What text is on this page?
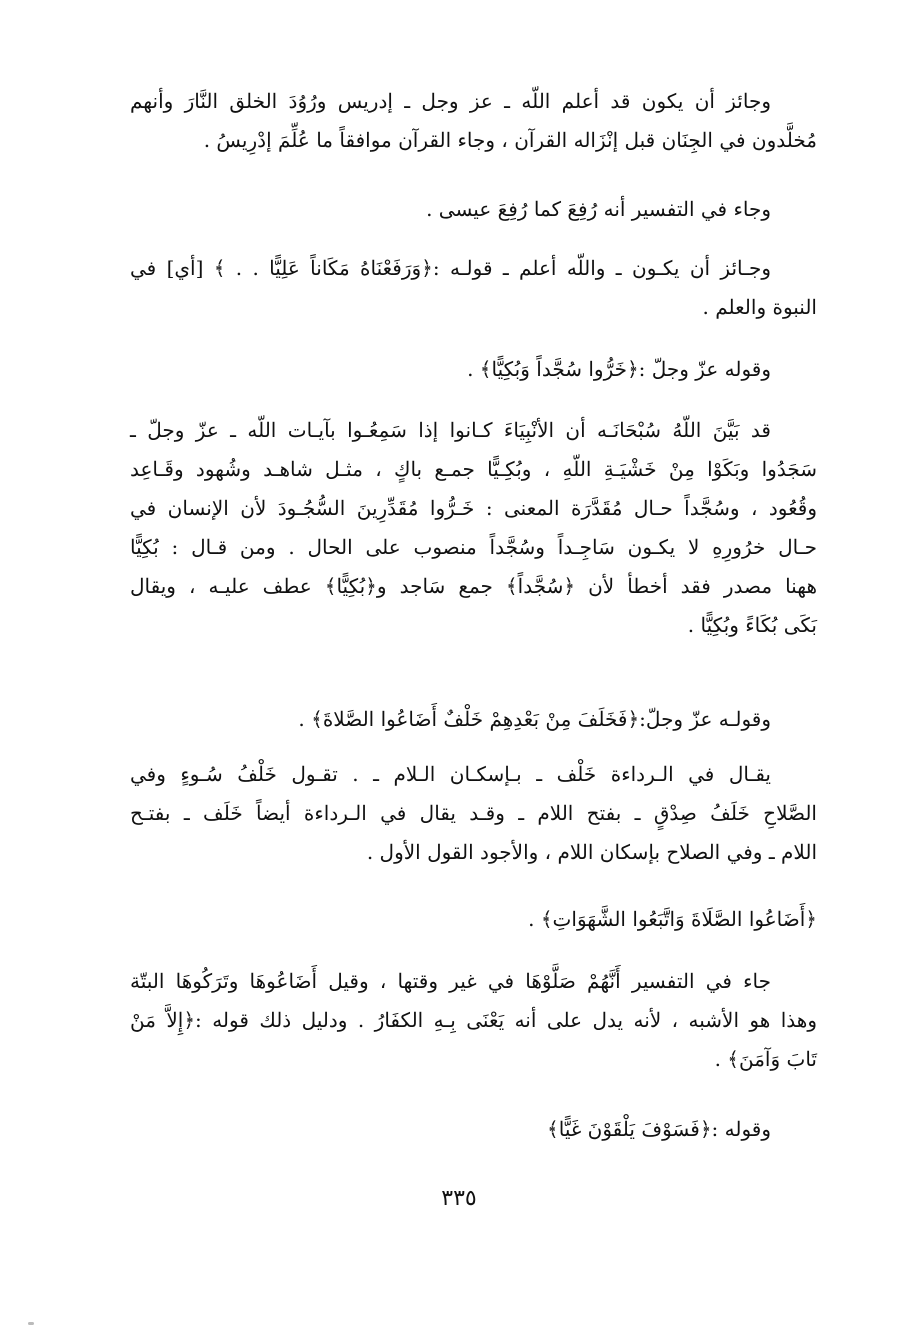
وجائز أن يكون قد أعلم اللّه ـ عز وجل ـ إدريس ورُوُدَ الخلق النَّارَ وأنهم
مُخلَّدون في الجِنَان قبل إنْزَاله القرآن ، وجاء القرآن موافقاً ما عُلِّمَ إدْرِيسُ .
وجاء في التفسير أنه رُفِعَ كما رُفِعَ عيسى .
وجـائز أن يكـون ـ واللّه أعلم ـ قولـه :﴿وَرَفَعْنَاهُ مَكَاناً عَلِيًّا . . ﴾ [أي] في
النبوة والعلم .
وقوله عزّ وجلّ :﴿خَرُّوا سُجَّداً وَبُكِيًّا﴾ .
قد بَيَّنَ اللّهُ سُبْحَانَـه أن الأنْبِيَاءَ كـانوا إذا سَمِعُـوا بآيـات اللّه ـ عزّ وجلّ ـ
سَجَدُوا وبَكَوْا مِنْ خَشْيَـةِ اللّهِ ، وبُكِـيًّا جمـع باكٍ ، مثـل شاهـد وشُهود وقَـاعِد
وقُعُود ، وسُجَّداً حـال مُقَدَّرَة المعنى : خَـرُّوا مُقَدِّرِينَ السُّجُـودَ لأن الإنسان في
حـال خرُورِهِ لا يكـون سَاجِـداً وسُجَّداً منصوب على الحال . ومن قـال : بُكِيًّا
ههنا مصدر فقد أخطأ لأن ﴿سُجَّداً﴾ جمع سَاجد و﴿بُكِيًّا﴾ عطف عليـه ، ويقال
بَكَى بُكَاءً وبُكِيًّا .
وقولـه عزّ وجلّ:﴿فَخَلَفَ مِنْ بَعْدِهِمْ خَلْفٌ أَضَاعُوا الصَّلاةَ﴾ .
يقـال في الـرداءة خَلْف ـ بـإسكـان الـلام ـ . تقـول خَلْفُ سُـوءٍ وفي
الصَّلاحِ خَلَفُ صِدْقٍ ـ بفتح اللام ـ وقـد يقال في الـرداءة أيضاً خَلَف ـ بفتـح
اللام ـ وفي الصلاح بإسكان اللام ، والأجود القول الأول .
﴿أَضَاعُوا الصَّلَاةَ وَاتَّبَعُوا الشَّهَوَاتِ﴾ .
جاء في التفسير أَنَّهُمْ صَلَّوْهَا في غير وقتها ، وقيل أَضَاعُوهَا وتَرَكُوهَا البتّة
وهذا هو الأشبه ، لأنه يدل على أنه يَعْنَى بِـهِ الكفَارُ . ودليل ذلك قوله :﴿إِلاَّ مَنْ
تَابَ وَآمَنَ﴾ .
وقوله :﴿فَسَوْفَ يَلْقَوْنَ غَيًّا﴾
٣٣٥
